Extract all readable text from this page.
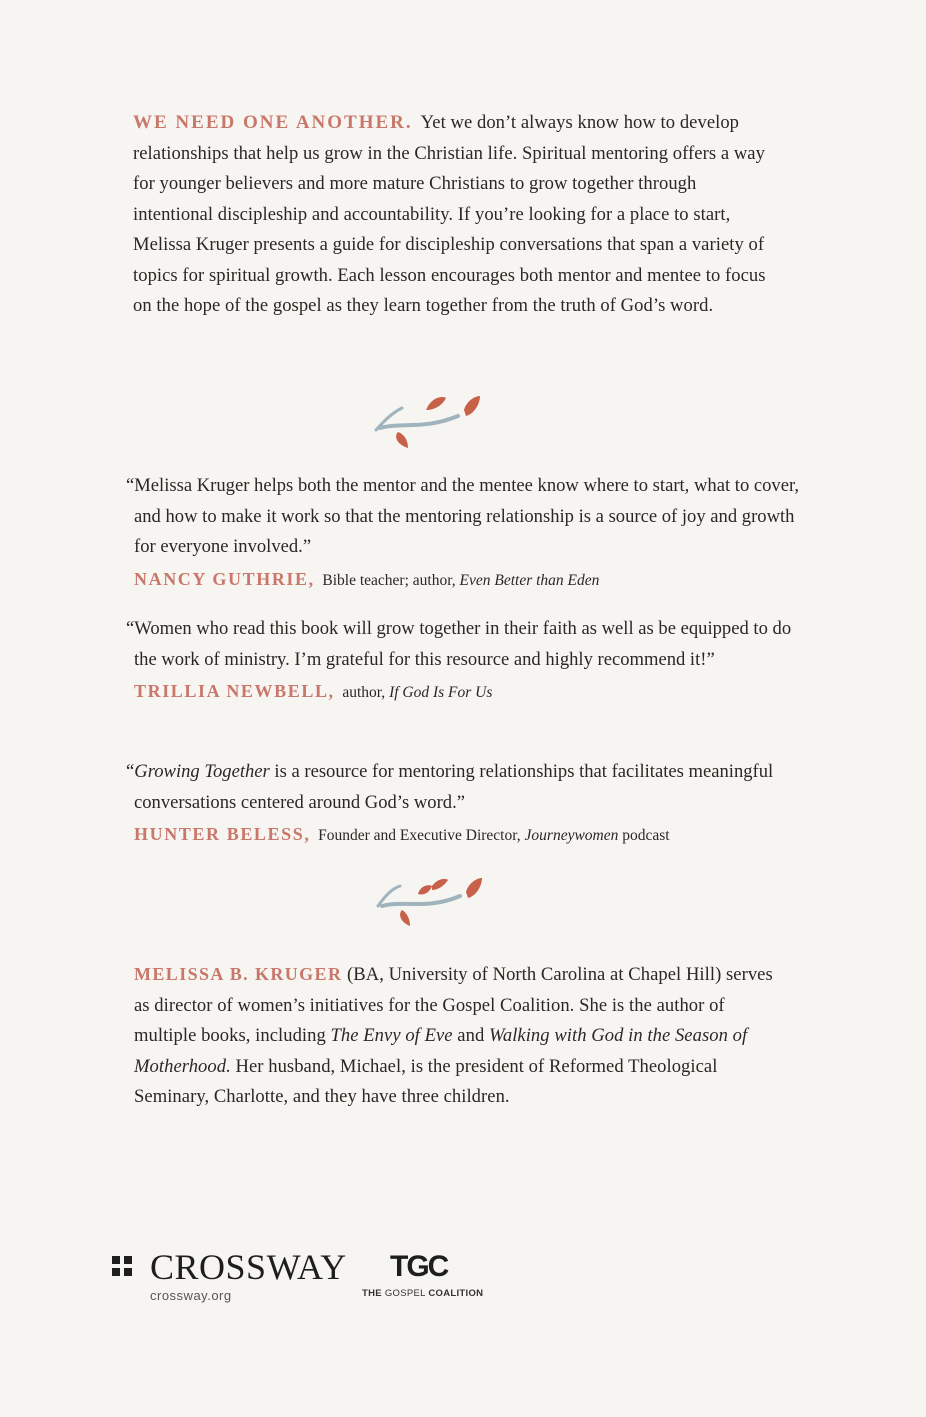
WE NEED ONE ANOTHER. Yet we don’t always know how to develop relationships that help us grow in the Christian life. Spiritual mentoring offers a way for younger believers and more mature Christians to grow together through intentional discipleship and accountability. If you’re looking for a place to start, Melissa Kruger presents a guide for discipleship conversations that span a variety of topics for spiritual growth. Each lesson encourages both mentor and mentee to focus on the hope of the gospel as they learn together from the truth of God’s word.
“Melissa Kruger helps both the mentor and the mentee know where to start, what to cover, and how to make it work so that the mentoring relationship is a source of joy and growth for everyone involved.”
NANCY GUTHRIE, Bible teacher; author, Even Better than Eden
“Women who read this book will grow together in their faith as well as be equipped to do the work of ministry. I’m grateful for this resource and highly recommend it!”
TRILLIA NEWBELL, author, If God Is For Us
“Growing Together is a resource for mentoring relationships that facilitates meaningful conversations centered around God’s word.”
HUNTER BELESS, Founder and Executive Director, Journeywomen podcast
MELISSA B. KRUGER (BA, University of North Carolina at Chapel Hill) serves as director of women’s initiatives for the Gospel Coalition. She is the author of multiple books, including The Envy of Eve and Walking with God in the Season of Motherhood. Her husband, Michael, is the president of Reformed Theological Seminary, Charlotte, and they have three children.
CROSSWAY
crossway.org
TGC
THE GOSPEL COALITION
